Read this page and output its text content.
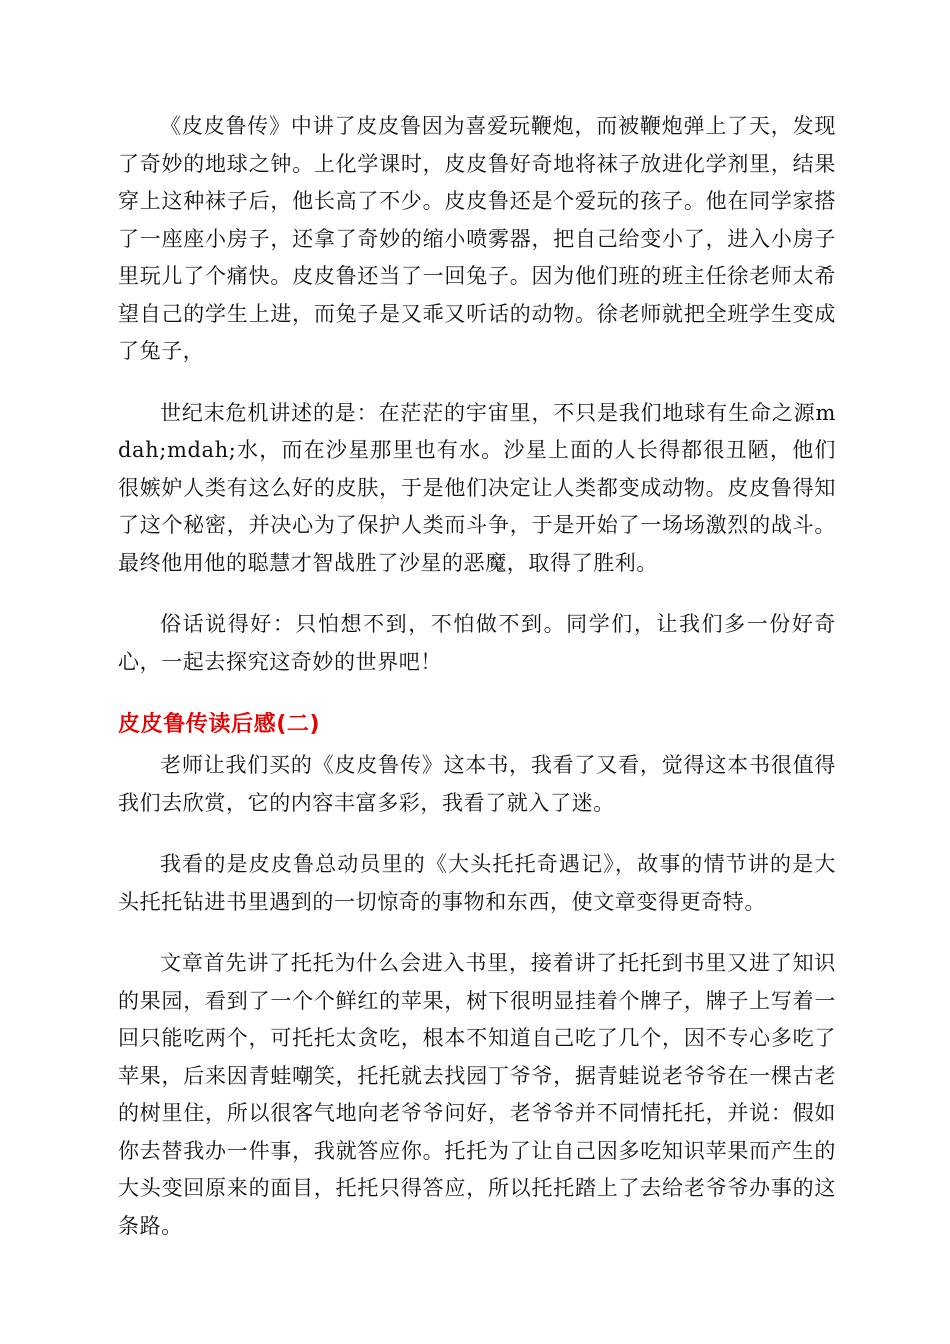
《皮皮鲁传》中讲了皮皮鲁因为喜爱玩鞭炮，而被鞭炮弹上了天，发现了奇妙的地球之钟。上化学课时，皮皮鲁好奇地将袜子放进化学剂里，结果穿上这种袜子后，他长高了不少。皮皮鲁还是个爱玩的孩子。他在同学家搭了一座座小房子，还拿了奇妙的缩小喷雾器，把自己给变小了，进入小房子里玩儿了个痛快。皮皮鲁还当了一回兔子。因为他们班的班主任徐老师太希望自己的学生上进，而兔子是又乖又听话的动物。徐老师就把全班学生变成了兔子，

世纪末危机讲述的是：在茫茫的宇宙里，不只是我们地球有生命之源mdah;mdah;水，而在沙星那里也有水。沙星上面的人长得都很丑陋，他们很嫉妒人类有这么好的皮肤，于是他们决定让人类都变成动物。皮皮鲁得知了这个秘密，并决心为了保护人类而斗争，于是开始了一场场激烈的战斗。最终他用他的聪慧才智战胜了沙星的恶魔，取得了胜利。

俗话说得好：只怕想不到，不怕做不到。同学们，让我们多一份好奇心，一起去探究这奇妙的世界吧！

皮皮鲁传读后感(二)

老师让我们买的《皮皮鲁传》这本书，我看了又看，觉得这本书很值得我们去欣赏，它的内容丰富多彩，我看了就入了迷。

我看的是皮皮鲁总动员里的《大头托托奇遇记》，故事的情节讲的是大头托托钻进书里遇到的一切惊奇的事物和东西，使文章变得更奇特。

文章首先讲了托托为什么会进入书里，接着讲了托托到书里又进了知识的果园，看到了一个个鲜红的苹果，树下很明显挂着个牌子，牌子上写着一回只能吃两个，可托托太贪吃，根本不知道自己吃了几个，因不专心多吃了苹果，后来因青蛙嘲笑，托托就去找园丁爷爷，据青蛙说老爷爷在一棵古老的树里住，所以很客气地向老爷爷问好，老爷爷并不同情托托，并说：假如你去替我办一件事，我就答应你。托托为了让自己因多吃知识苹果而产生的大头变回原来的面目，托托只得答应，所以托托踏上了去给老爷爷办事的这条路。
